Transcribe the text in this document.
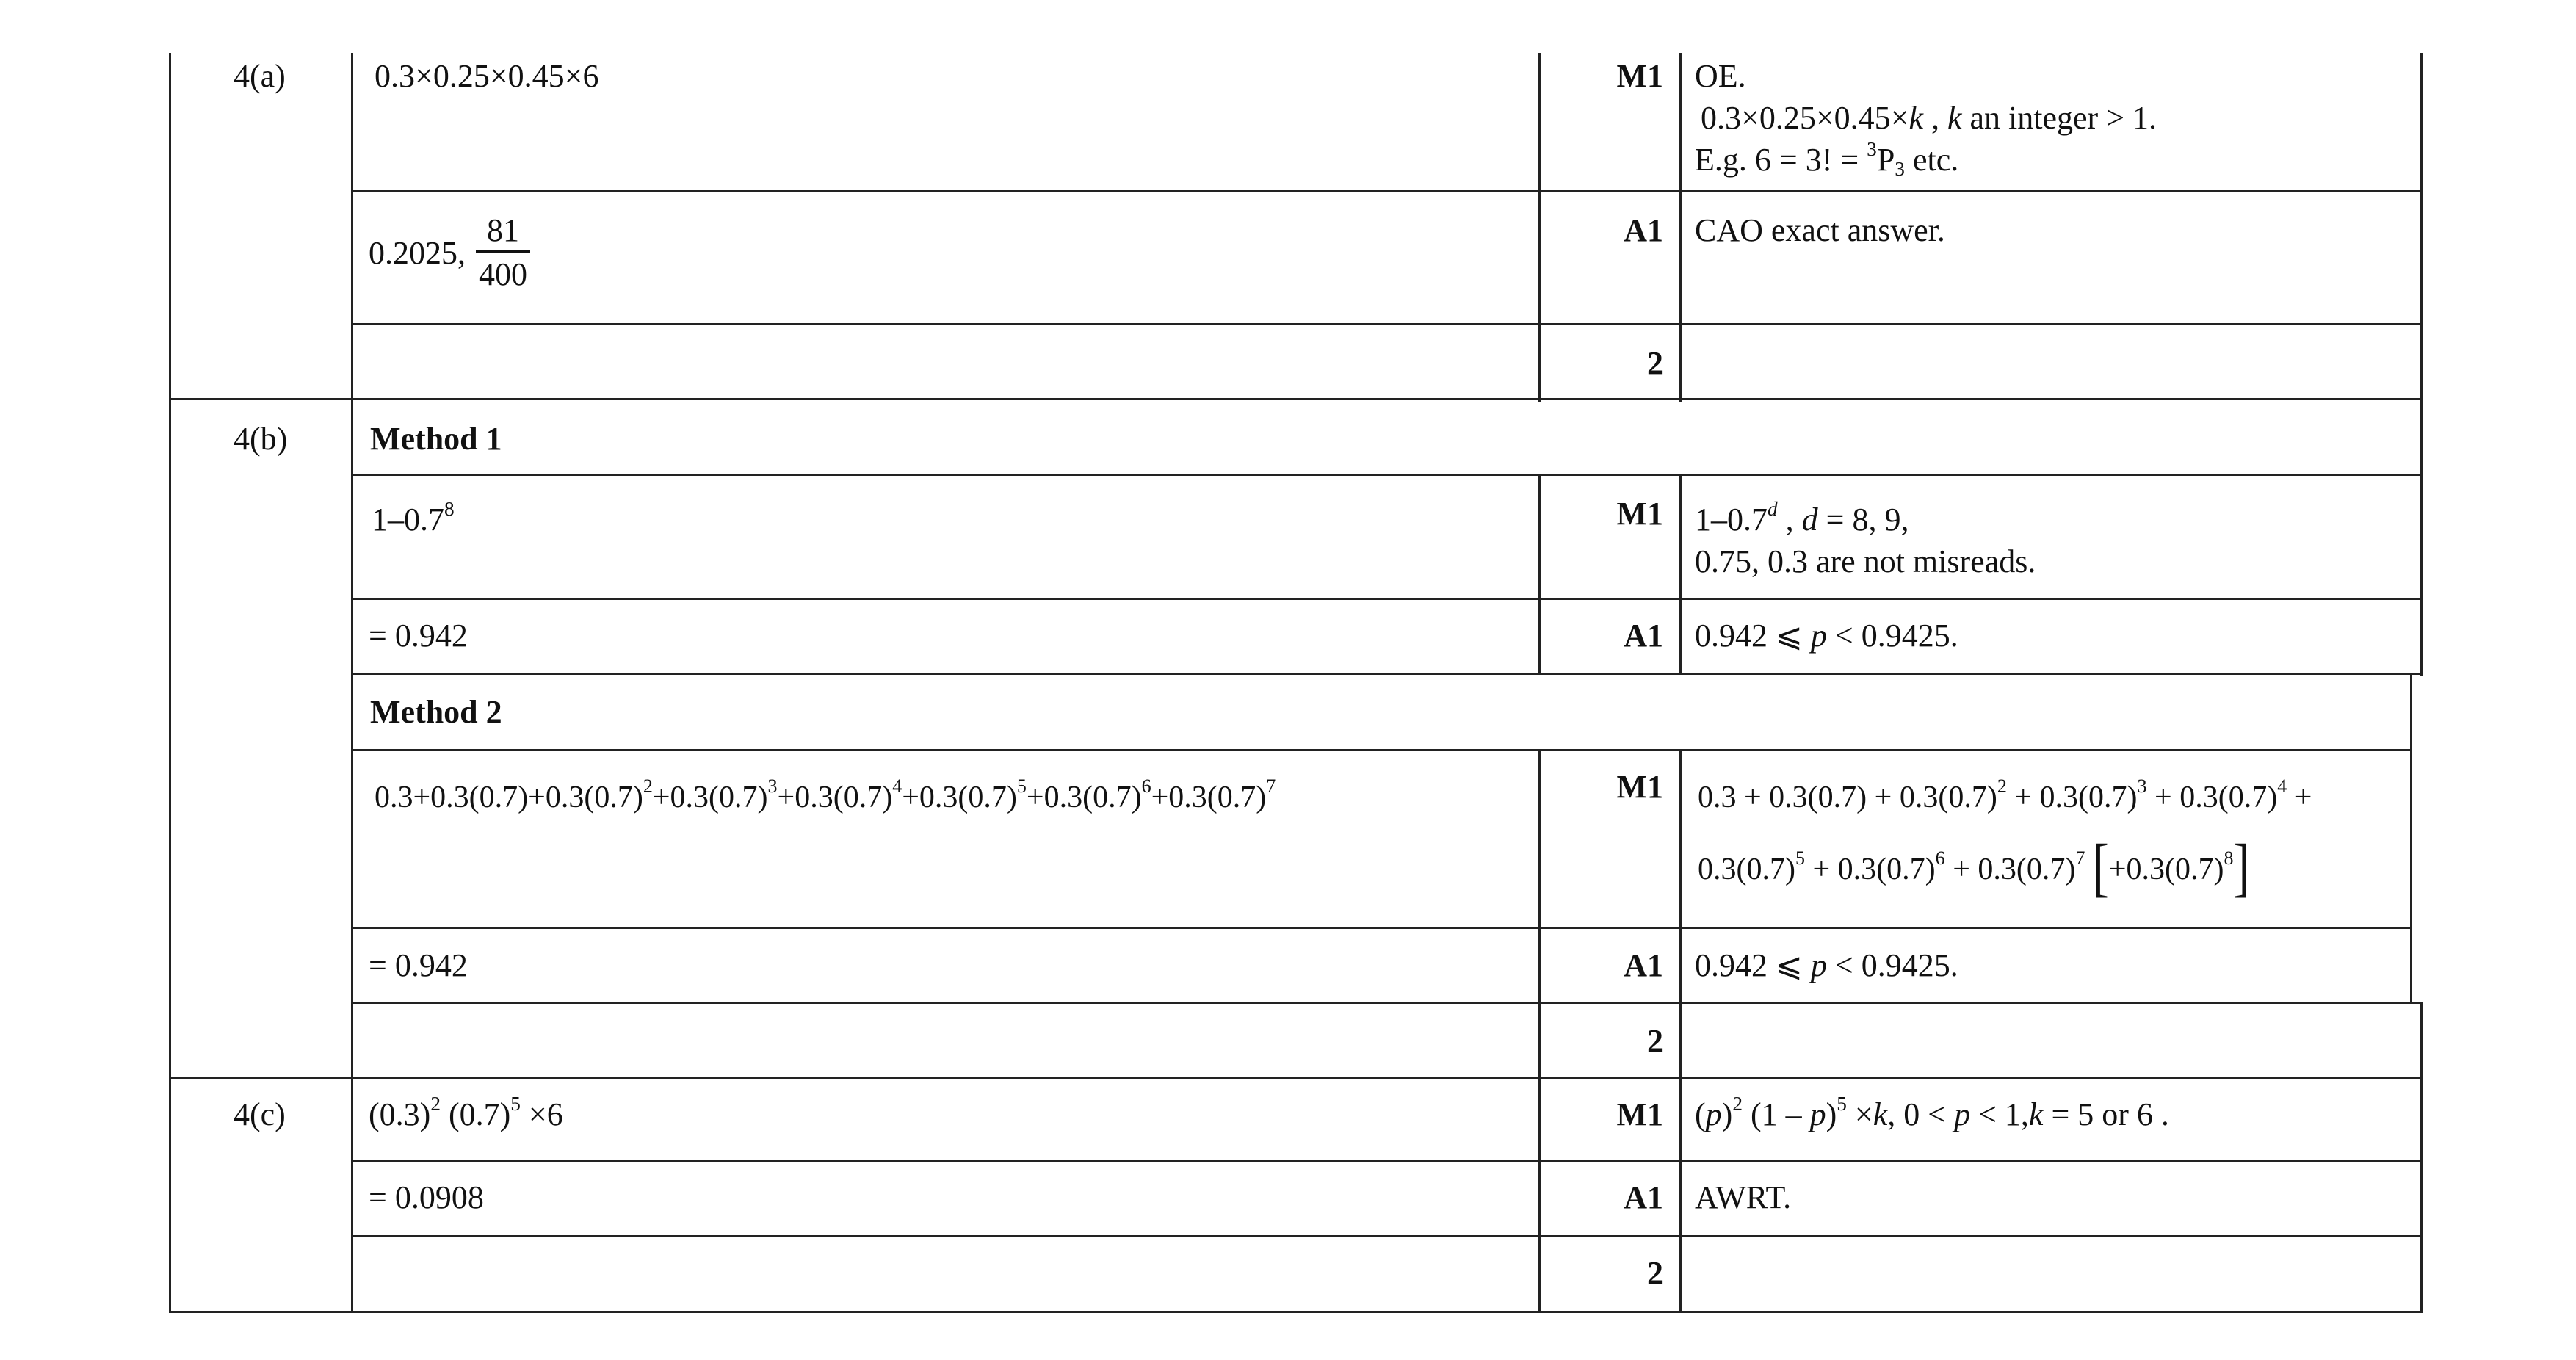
4(a)	0.3×0.25×0.45×6	M1 OE.
0.3×0.25×0.45×k , k an integer > 1.
E.g. 6 = 3! = $^3P_3$ etc.
0.2025, $\frac{81}{400}$	A1 CAO exact answer.
2
4(b)	Method 1
$1-0.7^8$	M1 1–0.7$^d$ , d = 8, 9,
0.75, 0.3 are not misreads.
= 0.942	A1 0.942 ⩽ p < 0.9425.
Method 2
$0.3+0.3(0.7)+0.3(0.7)^2+0.3(0.7)^3+0.3(0.7)^4+0.3(0.7)^5+0.3(0.7)^6+0.3(0.7)^7$	M1 $0.3 + 0.3(0.7) + 0.3(0.7)^2 + 0.3(0.7)^3 + 0.3(0.7)^4$ +
$0.3(0.7)^5 + 0.3(0.7)^6 + 0.3(0.7)^7$ $[+0.3(0.7)^8]$
= 0.942	A1 0.942 ⩽ p < 0.9425.
2
4(c)	$(0.3)^2$ $(0.7)^5 \times 6$	M1 $(p)^2$ (1 – p)$^5$ ×k, 0 < p < 1,k = 5 or 6 .
= 0.0908	A1 AWRT.
2
